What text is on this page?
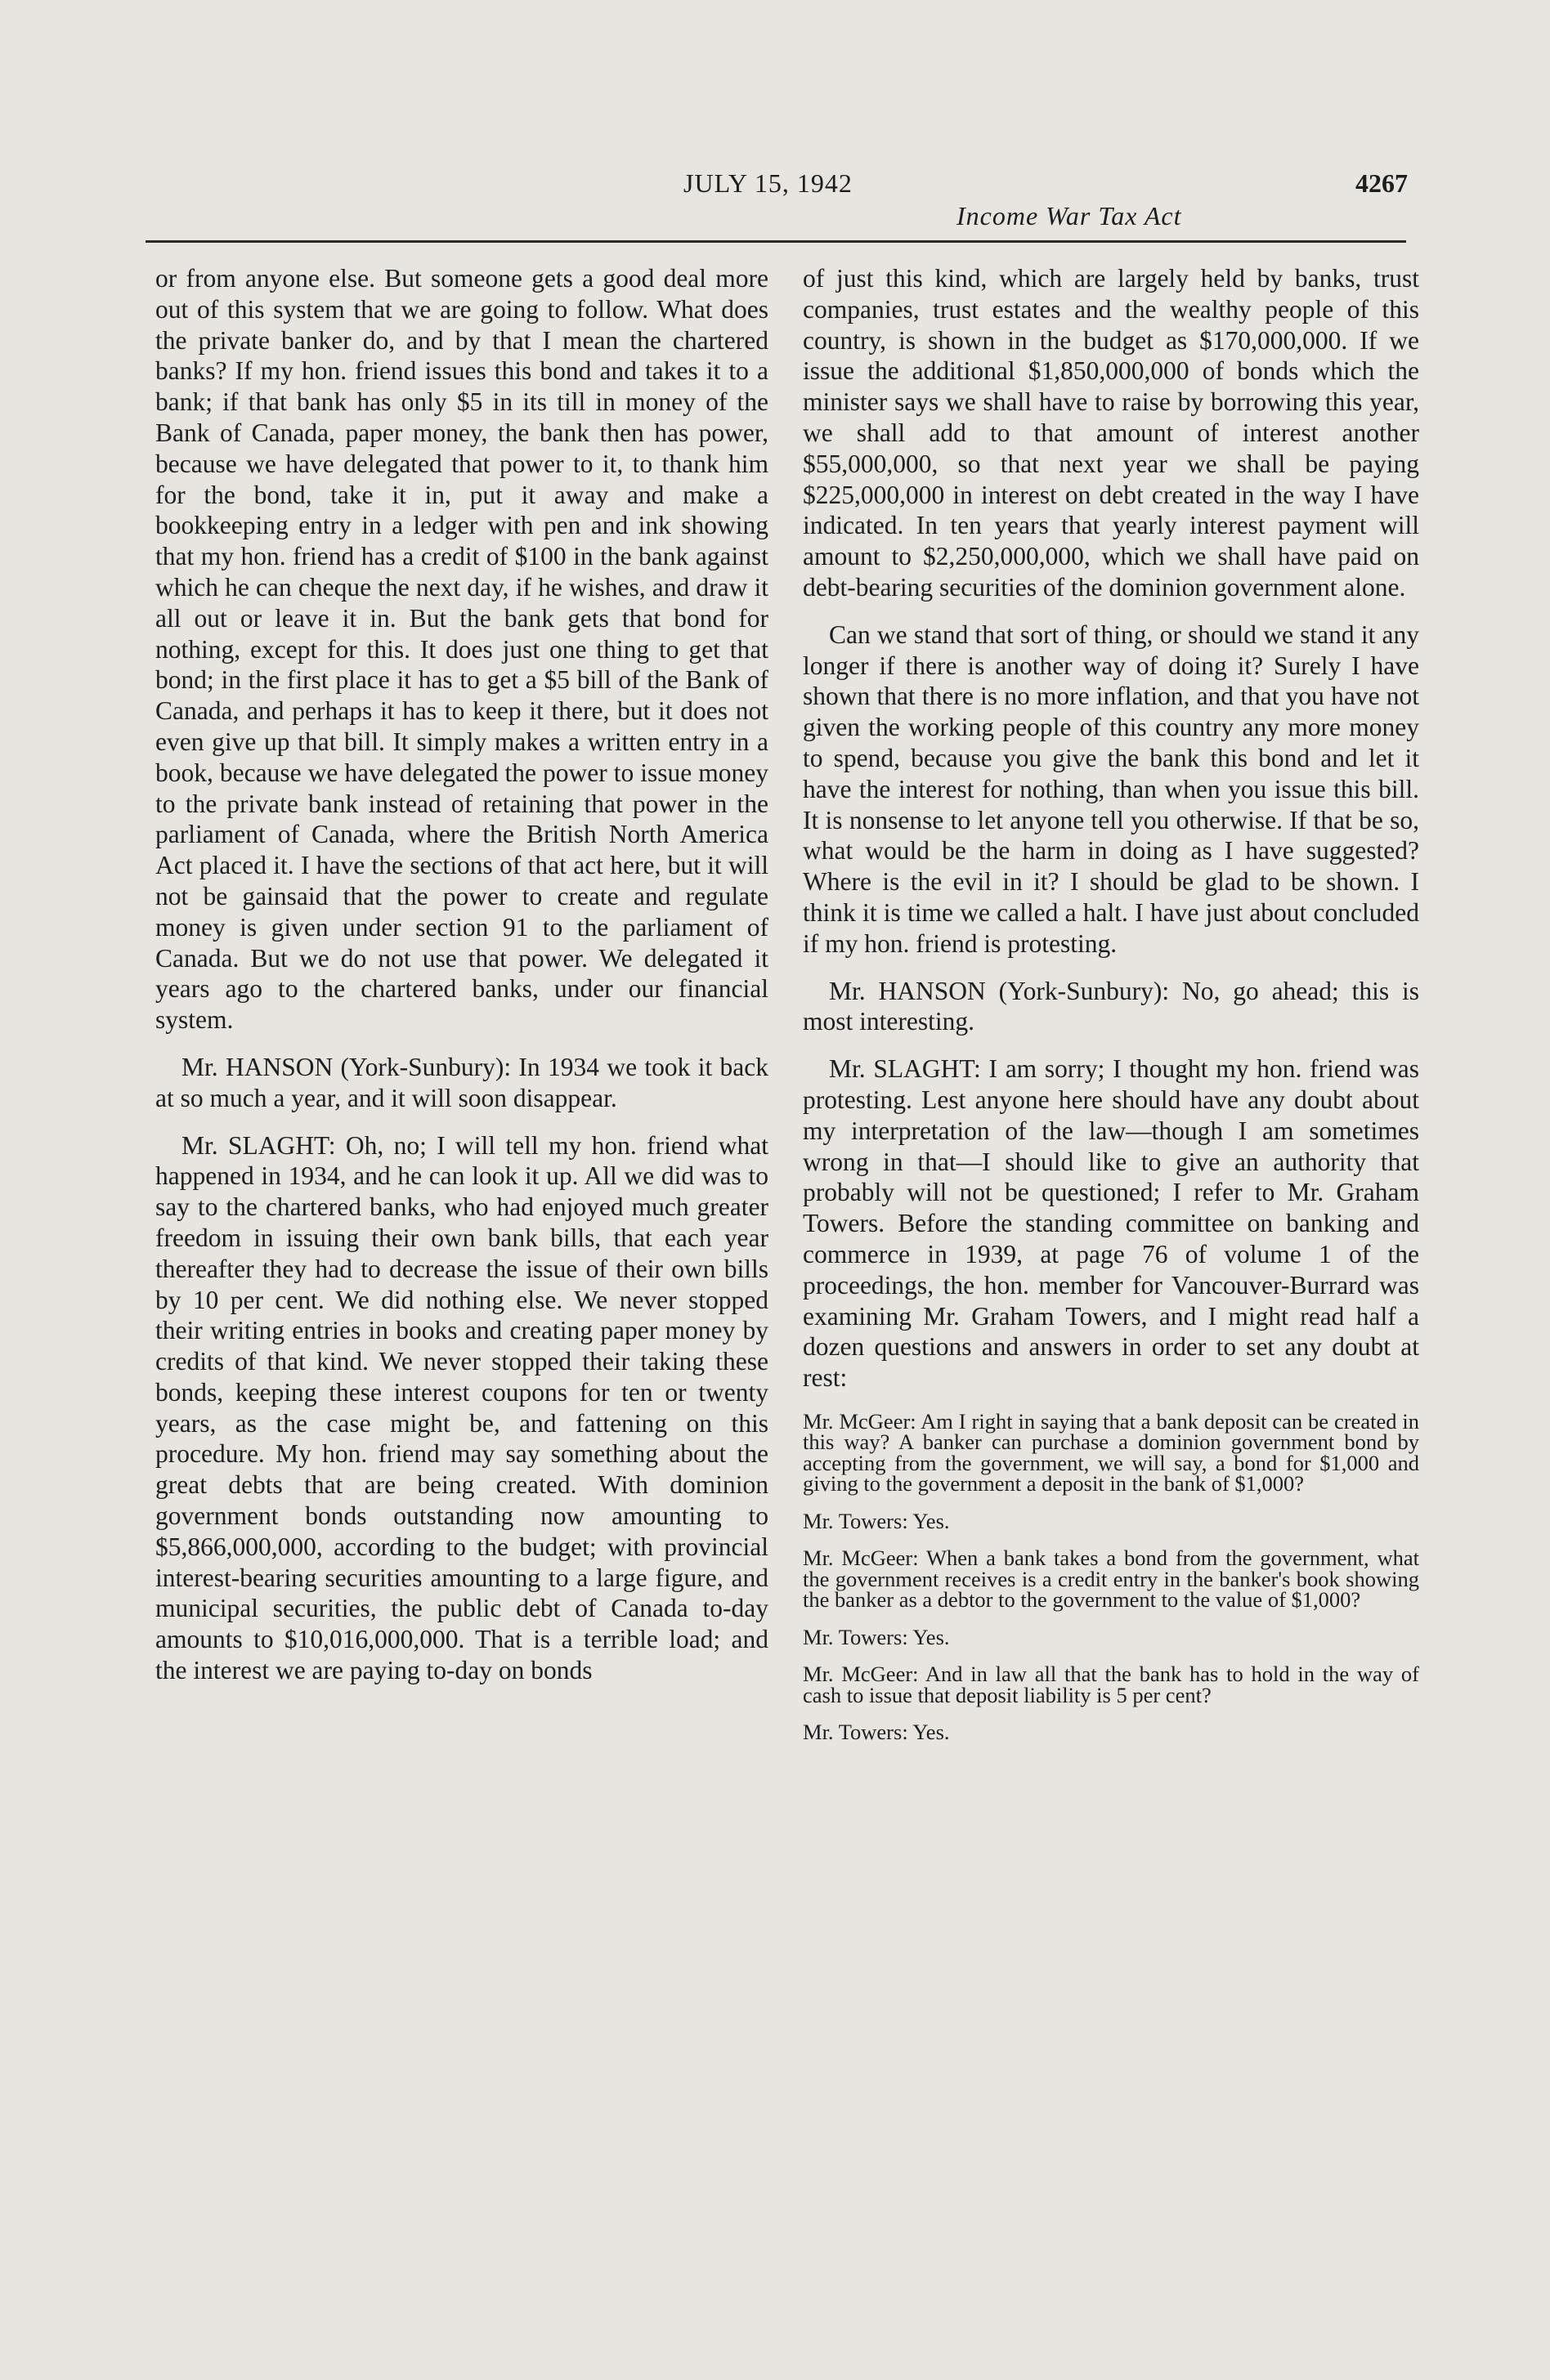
JULY 15, 1942	4267
Income War Tax Act

or from anyone else. But someone gets a good deal more out of this system that we are going to follow. What does the private banker do, and by that I mean the chartered banks? If my hon. friend issues this bond and takes it to a bank; if that bank has only $5 in its till in money of the Bank of Canada, paper money, the bank then has power, because we have delegated that power to it, to thank him for the bond, take it in, put it away and make a bookkeeping entry in a ledger with pen and ink showing that my hon. friend has a credit of $100 in the bank against which he can cheque the next day, if he wishes, and draw it all out or leave it in. But the bank gets that bond for nothing, except for this. It does just one thing to get that bond; in the first place it has to get a $5 bill of the Bank of Canada, and perhaps it has to keep it there, but it does not even give up that bill. It simply makes a written entry in a book, because we have delegated the power to issue money to the private bank instead of retaining that power in the parliament of Canada, where the British North America Act placed it. I have the sections of that act here, but it will not be gainsaid that the power to create and regulate money is given under section 91 to the parliament of Canada. But we do not use that power. We delegated it years ago to the chartered banks, under our financial system.

Mr. HANSON (York-Sunbury): In 1934 we took it back at so much a year, and it will soon disappear.

Mr. SLAGHT: Oh, no; I will tell my hon. friend what happened in 1934, and he can look it up. All we did was to say to the chartered banks, who had enjoyed much greater freedom in issuing their own bank bills, that each year thereafter they had to decrease the issue of their own bills by 10 per cent. We did nothing else. We never stopped their writing entries in books and creating paper money by credits of that kind. We never stopped their taking these bonds, keeping these interest coupons for ten or twenty years, as the case might be, and fattening on this procedure. My hon. friend may say something about the great debts that are being created. With dominion government bonds outstanding now amounting to $5,866,000,000, according to the budget; with provincial interest-bearing securities amounting to a large figure, and municipal securities, the public debt of Canada to-day amounts to $10,016,000,000. That is a terrible load; and the interest we are paying to-day on bonds

of just this kind, which are largely held by banks, trust companies, trust estates and the wealthy people of this country, is shown in the budget as $170,000,000. If we issue the additional $1,850,000,000 of bonds which the minister says we shall have to raise by borrowing this year, we shall add to that amount of interest another $55,000,000, so that next year we shall be paying $225,000,000 in interest on debt created in the way I have indicated. In ten years that yearly interest payment will amount to $2,250,000,000, which we shall have paid on debt-bearing securities of the dominion government alone.

Can we stand that sort of thing, or should we stand it any longer if there is another way of doing it? Surely I have shown that there is no more inflation, and that you have not given the working people of this country any more money to spend, because you give the bank this bond and let it have the interest for nothing, than when you issue this bill. It is nonsense to let anyone tell you otherwise. If that be so, what would be the harm in doing as I have suggested? Where is the evil in it? I should be glad to be shown. I think it is time we called a halt. I have just about concluded if my hon. friend is protesting.

Mr. HANSON (York-Sunbury): No, go ahead; this is most interesting.

Mr. SLAGHT: I am sorry; I thought my hon. friend was protesting. Lest anyone here should have any doubt about my interpretation of the law—though I am sometimes wrong in that—I should like to give an authority that probably will not be questioned; I refer to Mr. Graham Towers. Before the standing committee on banking and commerce in 1939, at page 76 of volume 1 of the proceedings, the hon. member for Vancouver-Burrard was examining Mr. Graham Towers, and I might read half a dozen questions and answers in order to set any doubt at rest:

Mr. McGeer: Am I right in saying that a bank deposit can be created in this way? A banker can purchase a dominion government bond by accepting from the government, we will say, a bond for $1,000 and giving to the government a deposit in the bank of $1,000?

Mr. Towers: Yes.

Mr. McGeer: When a bank takes a bond from the government, what the government receives is a credit entry in the banker's book showing the banker as a debtor to the government to the value of $1,000?

Mr. Towers: Yes.

Mr. McGeer: And in law all that the bank has to hold in the way of cash to issue that deposit liability is 5 per cent?

Mr. Towers: Yes.
